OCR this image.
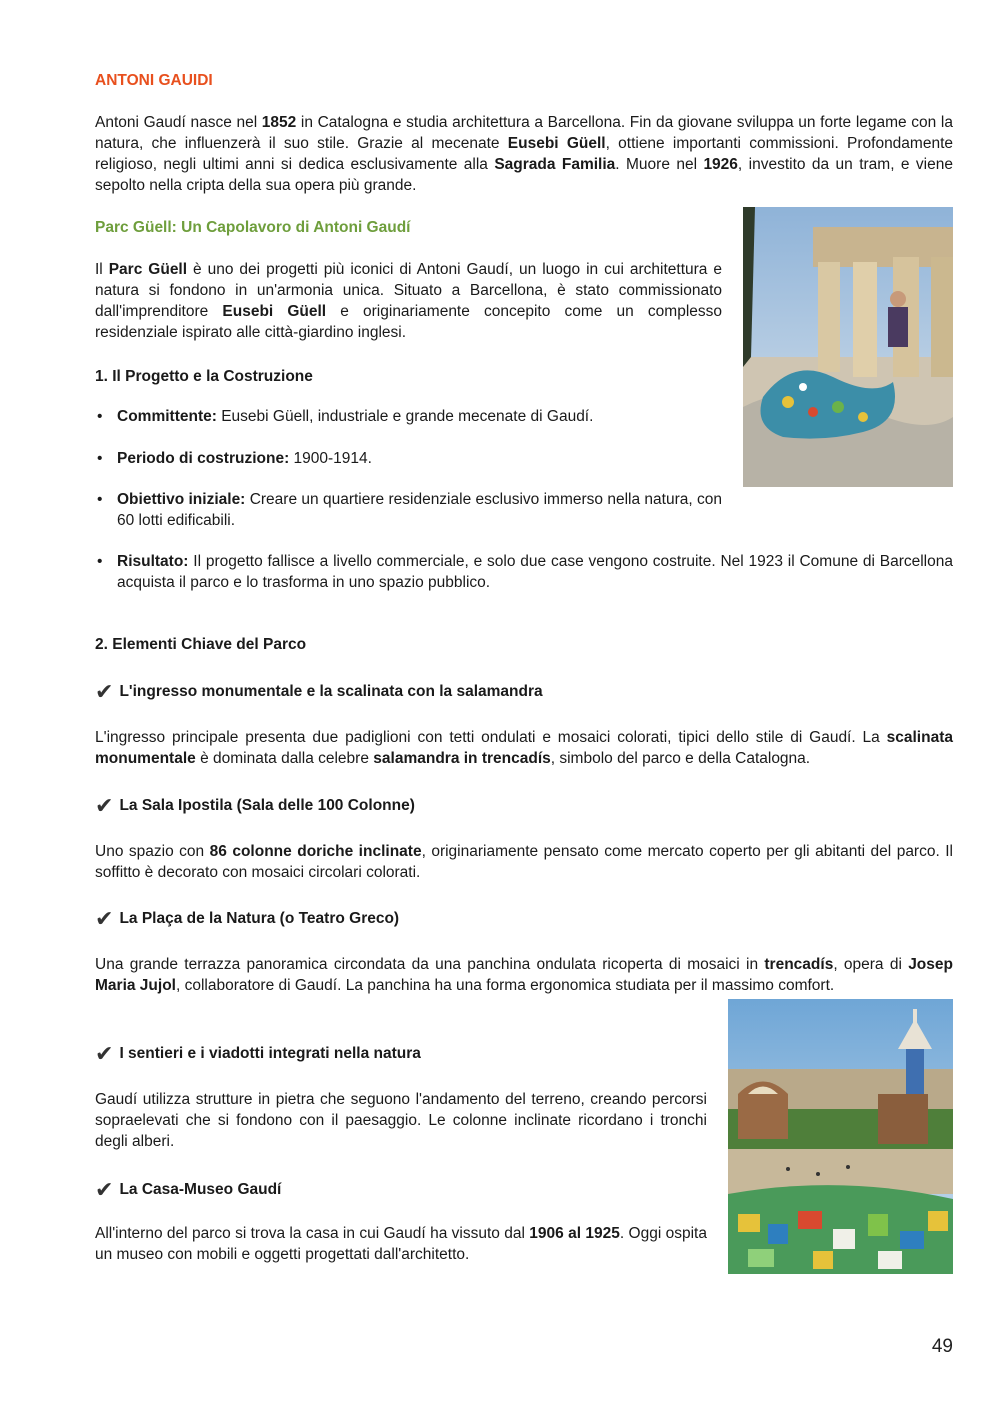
ANTONI GAUIDI

Antoni Gaudí nasce nel 1852 in Catalogna e studia architettura a Barcellona. Fin da giovane sviluppa un forte legame con la natura, che influenzerà il suo stile. Grazie al mecenate Eusebi Güell, ottiene importanti commissioni. Profondamente religioso, negli ultimi anni si dedica esclusivamente alla Sagrada Familia. Muore nel 1926, investito da un tram, e viene sepolto nella cripta della sua opera più grande.

Parc Güell: Un Capolavoro di Antoni Gaudí

Il Parc Güell è uno dei progetti più iconici di Antoni Gaudí, un luogo in cui architettura e natura si fondono in un'armonia unica. Situato a Barcellona, è stato commissionato dall'imprenditore Eusebi Güell e originariamente concepito come un complesso residenziale ispirato alle città-giardino inglesi.

1. Il Progetto e la Costruzione
• Committente: Eusebi Güell, industriale e grande mecenate di Gaudí.
• Periodo di costruzione: 1900-1914.
• Obiettivo iniziale: Creare un quartiere residenziale esclusivo immerso nella natura, con 60 lotti edificabili.
• Risultato: Il progetto fallisce a livello commerciale, e solo due case vengono costruite. Nel 1923 il Comune di Barcellona acquista il parco e lo trasforma in uno spazio pubblico.
2. Elementi Chiave del Parco
✔ L'ingresso monumentale e la scalinata con la salamandra

L'ingresso principale presenta due padiglioni con tetti ondulati e mosaici colorati, tipici dello stile di Gaudí. La scalinata monumentale è dominata dalla celebre salamandra in trencadís, simbolo del parco e della Catalogna.

✔ La Sala Ipostila (Sala delle 100 Colonne)

Uno spazio con 86 colonne doriche inclinate, originariamente pensato come mercato coperto per gli abitanti del parco. Il soffitto è decorato con mosaici circolari colorati.

✔ La Plaça de la Natura (o Teatro Greco)

Una grande terrazza panoramica circondata da una panchina ondulata ricoperta di mosaici in trencadís, opera di Josep Maria Jujol, collaboratore di Gaudí. La panchina ha una forma ergonomica studiata per il massimo comfort.

✔ I sentieri e i viadotti integrati nella natura

Gaudí utilizza strutture in pietra che seguono l'andamento del terreno, creando percorsi sopraelevati che si fondono con il paesaggio. Le colonne inclinate ricordano i tronchi degli alberi.

✔ La Casa-Museo Gaudí

All'interno del parco si trova la casa in cui Gaudí ha vissuto dal 1906 al 1925. Oggi ospita un museo con mobili e oggetti progettati dall'architetto.

49
